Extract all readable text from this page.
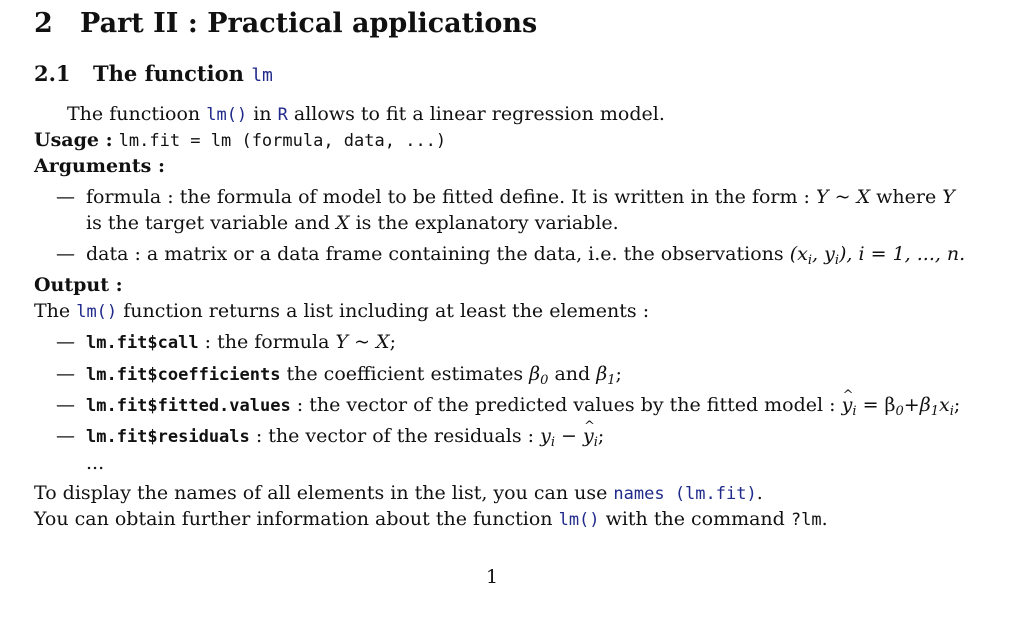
2 Part II : Practical applications
2.1 The function lm
The functioon lm() in R allows to fit a linear regression model.
Usage : lm.fit = lm (formula, data, ...)
Arguments :
— formula : the formula of model to be fitted define. It is written in the form : Y ~ X where Y
is the target variable and X is the explanatory variable.
— data : a matrix or a data frame containing the data, i.e. the observations ($x_i$, $y_i$), i = 1, ..., n.
Output :
The lm() function returns a list including at least the elements :
— lm.fit$call : the formula Y ~ X;
— lm.fit$coefficients the coefficient estimates $\beta_0$ and $\beta_1$;
— lm.fit$fitted.values : the vector of the predicted values by the fitted model : ^ $y_i = \beta_0+\beta_1x_i$;
— lm.fit$residuals : the vector of the residuals : $y_i$ − ^ $y_i$;
...
To display the names of all elements in the list, you can use names (lm.fit).
You can obtain further information about the function lm() with the command ?lm.
1
